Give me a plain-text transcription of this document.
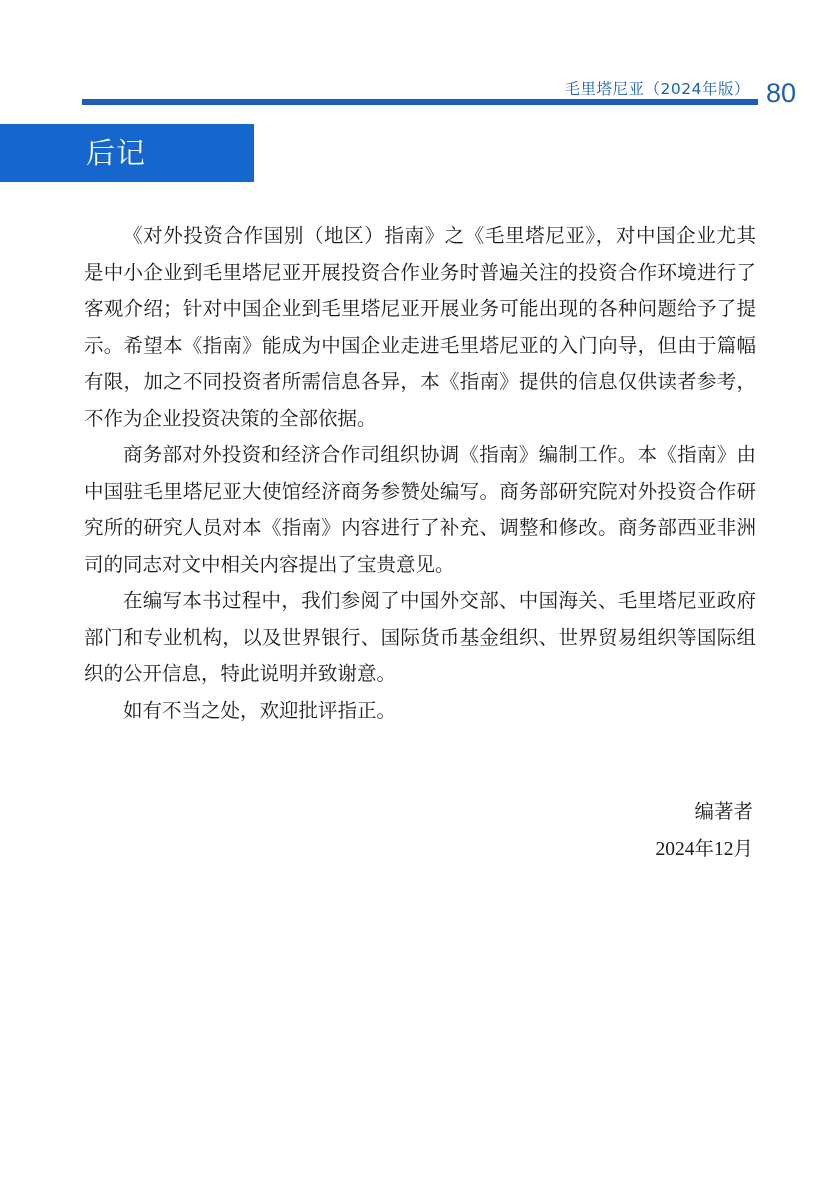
毛里塔尼亚（2024年版） 80
后记

《对外投资合作国别（地区）指南》之《毛里塔尼亚》，对中国企业尤其是中小企业到毛里塔尼亚开展投资合作业务时普遍关注的投资合作环境进行了客观介绍；针对中国企业到毛里塔尼亚开展业务可能出现的各种问题给予了提示。希望本《指南》能成为中国企业走进毛里塔尼亚的入门向导，但由于篇幅有限，加之不同投资者所需信息各异，本《指南》提供的信息仅供读者参考，不作为企业投资决策的全部依据。

商务部对外投资和经济合作司组织协调《指南》编制工作。本《指南》由中国驻毛里塔尼亚大使馆经济商务参赞处编写。商务部研究院对外投资合作研究所的研究人员对本《指南》内容进行了补充、调整和修改。商务部西亚非洲司的同志对文中相关内容提出了宝贵意见。

在编写本书过程中，我们参阅了中国外交部、中国海关、毛里塔尼亚政府部门和专业机构，以及世界银行、国际货币基金组织、世界贸易组织等国际组织的公开信息，特此说明并致谢意。

如有不当之处，欢迎批评指正。

编著者
2024年12月
